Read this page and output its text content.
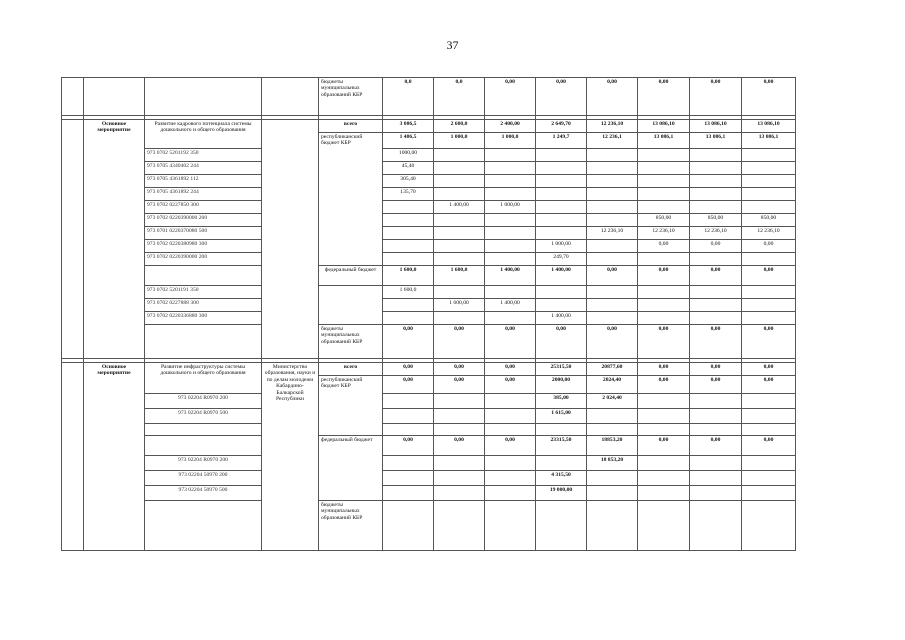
37
				бюджеты муниципальных образований КБР	0,0	0,0	0,00	0,00	0,00	0,00	0,00	0,00

	Основное мероприятие	Развитие кадрового потенциала системы дошкольного и общего образования		всего	3 086,5	2 600,0	2 400,00	2 649,70	12 236,10	13 086,10	13 086,10	13 086,10
				республиканский бюджет КБР	1 486,5	1 000,0	1 000,0	1 249,7	12 236,1	13 086,1	13 086,1	13 086,1
		973 0702 5201192 350			1000,00							
		973 0705 4340402 244			45,40							
		973 0705 4361892 112			305,40							
		973 0705 4361892 244			135,70							
		973 0702 0227850 300				1 400,00	1 000,00					
		973 0702 0220390000 200								850,00	850,00	850,00
		973 0701 0220370080 500							12 236,10	12 236,10	12 236,10	12 236,10
		973 0702 0220380980 300						1 000,00		0,00	0,00	0,00
		973 0702 0220390000 200						249,70				
				федеральный бюджет	1 600,0	1 600,0	1 400,00	1 400,00	0,00	0,00	0,00	0,00
		973 0702 5201191 350			1 600,0							
		973 0702 0227888 300				1 600,00	1 400,00					
		973 0702 0220336880 300						1 400,00				
				бюджеты муниципальных образований КБР	0,00	0,00	0,00	0,00	0,00	0,00	0,00	0,00

	Основное мероприятие	Развитие инфраструктуры системы дошкольного и общего образования	Министерство образования, науки и по делам молодежи Кабардино-Балкарской Республики	всего	0,00	0,00	0,00	25315,50	20877,60	0,00	0,00	0,00
				республиканский бюджет КБР	0,00	0,00	0,00	2000,00	2024,40	0,00	0,00	0,00
		973 02204 R0970 200						385,00	2 024,40			
		973 02204 R0970 500						1 615,00				

				федеральный бюджет	0,00	0,00	0,00	23315,50	18853,20	0,00	0,00	0,00
		973 02204 R0970 200							18 853,20			
		973 02204 50970 200						4 315,50				
		973 02204 50970 500						19 000,00				
				бюджеты муниципальных образований КБР								
